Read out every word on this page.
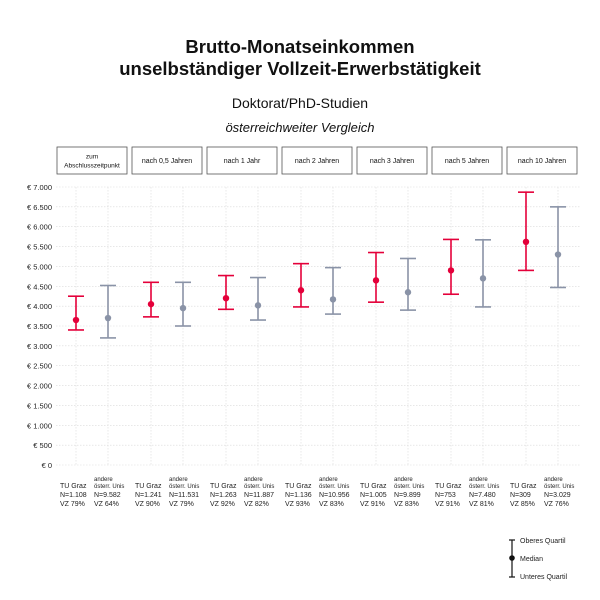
Brutto-Monatseinkommen
unselbständiger Vollzeit-Erwerbstätigkeit
Doktorat/PhD-Studien
österreichweiter Vergleich
€ 0
€ 500
€ 1.000
€ 1.500
€ 2.000
€ 2.500
€ 3.000
€ 3.500
€ 4.000
€ 4.500
€ 5.000
€ 5.500
€ 6.000
€ 6.500
€ 7.000
zum
Abschlusszeitpunkt
TU Graz
N=1.108
VZ 79%
andere
österr. Unis
N=9.582
VZ 64%
nach 0,5 Jahren
TU Graz
N=1.241
VZ 90%
andere
österr. Unis
N=11.531
VZ 79%
nach 1 Jahr
TU Graz
N=1.263
VZ 92%
andere
österr. Unis
N=11.887
VZ 82%
nach 2 Jahren
TU Graz
N=1.136
VZ 93%
andere
österr. Unis
N=10.956
VZ 83%
nach 3 Jahren
TU Graz
N=1.005
VZ 91%
andere
österr. Unis
N=9.899
VZ 83%
nach 5 Jahren
TU Graz
N=753
VZ 91%
andere
österr. Unis
N=7.480
VZ 81%
nach 10 Jahren
TU Graz
N=309
VZ 85%
andere
österr. Unis
N=3.029
VZ 76%
Oberes Quartil
Median
Unteres Quartil
